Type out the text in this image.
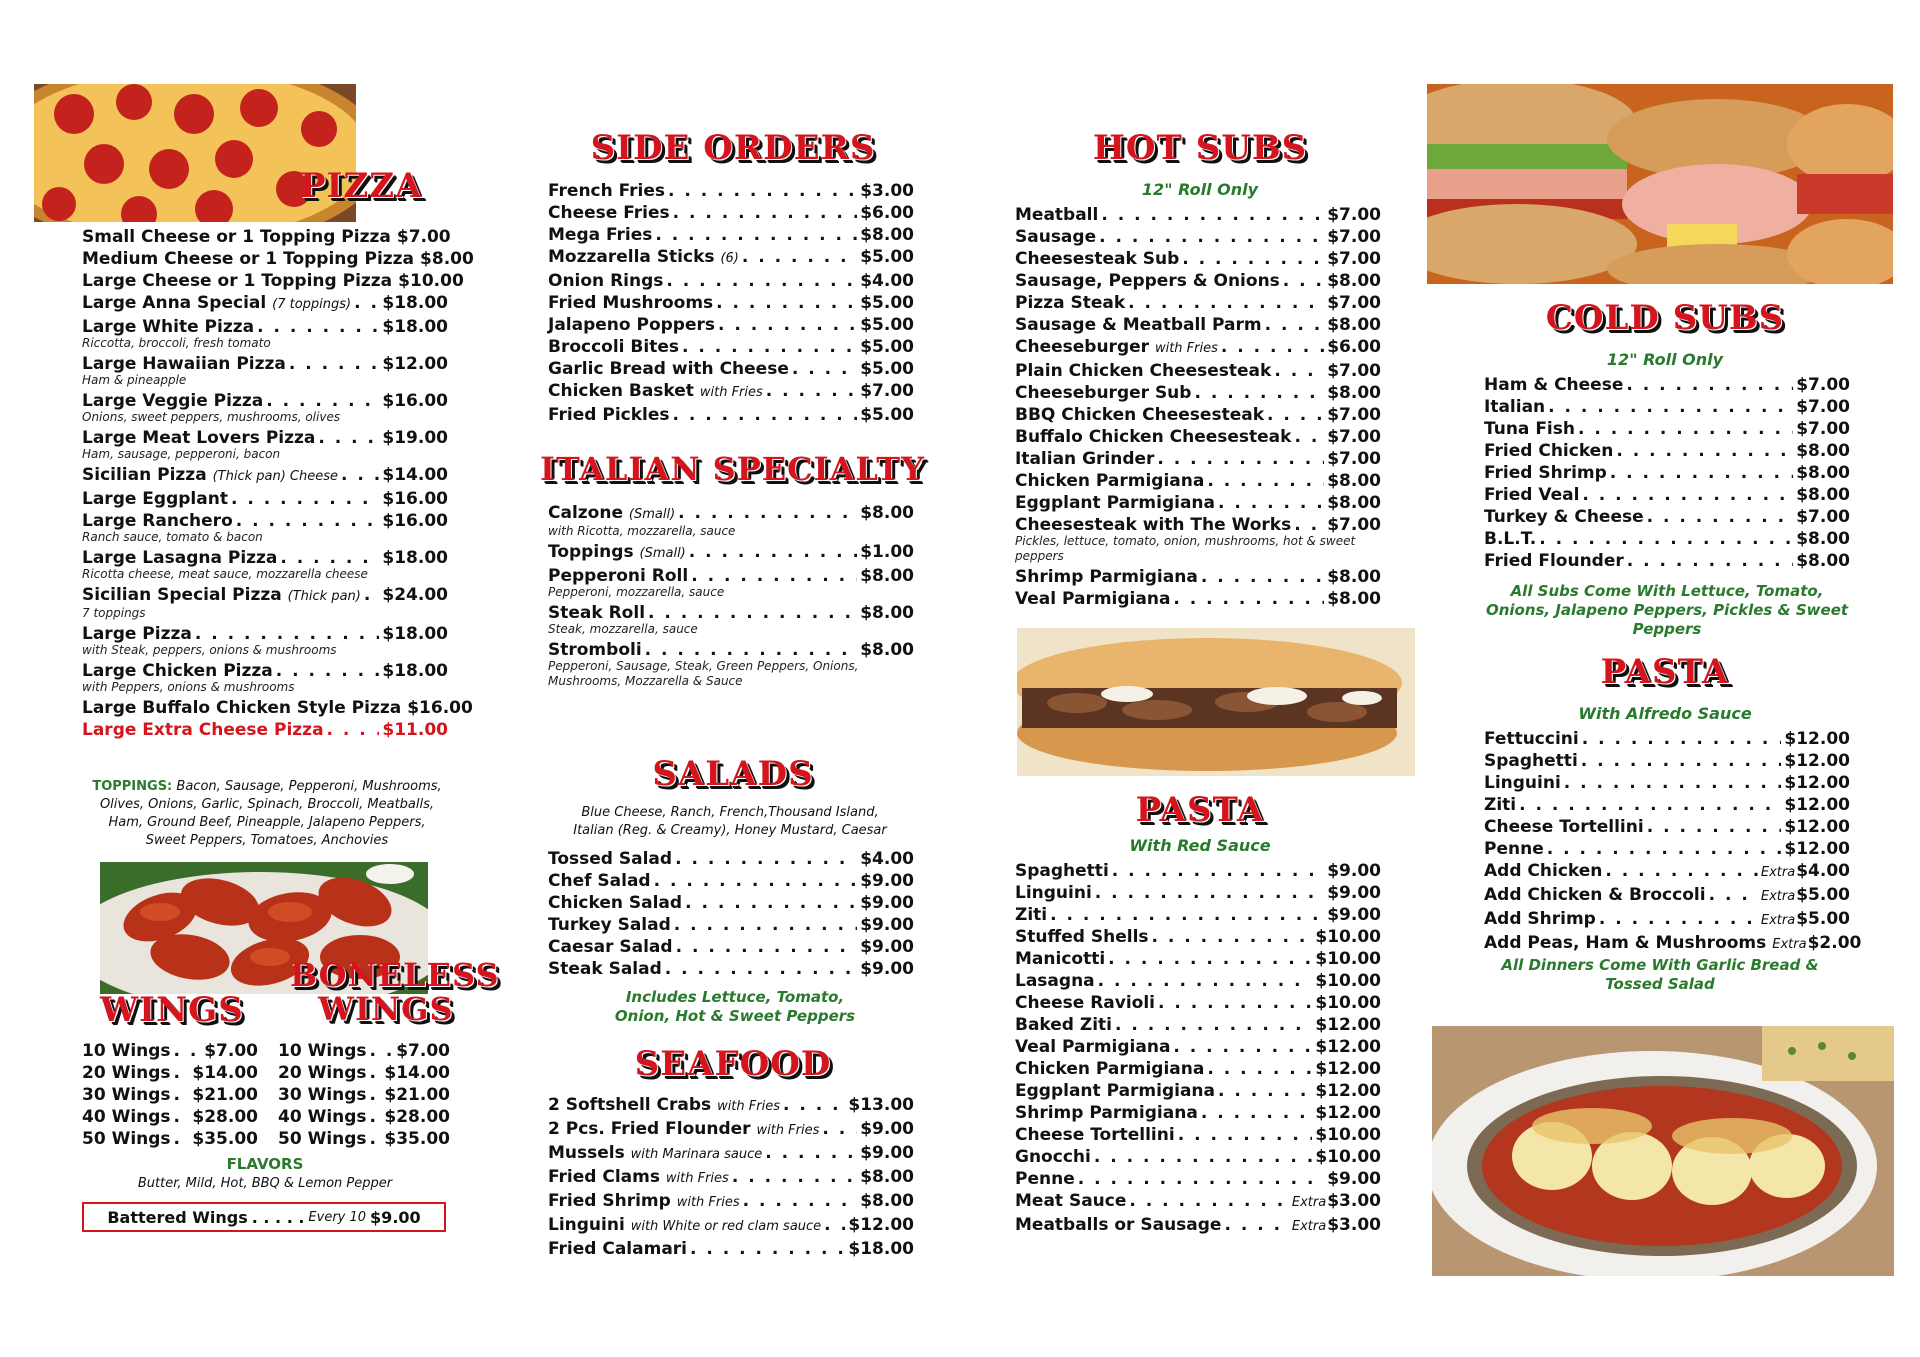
PIZZA
Small Cheese or 1 Topping Pizza $7.00
Medium Cheese or 1 Topping Pizza $8.00
Large Cheese or 1 Topping Pizza $10.00
Large Anna Special (7 toppings) . . . $18.00
Large White Pizza . . .	$18.00
Riccotta, broccoli, fresh tomato
Large Hawaiian Pizza . . .	$12.00
Ham & pineapple
Large Veggie Pizza . . .	$16.00
Onions, sweet peppers, mushrooms, olives
Large Meat Lovers Pizza . . .	$19.00
Ham, sausage, pepperoni, bacon
Sicilian Pizza (Thick pan) Cheese . . .	$14.00
Large Eggplant . . .	$16.00
Large Ranchero . . .	$16.00
Ranch sauce, tomato & bacon
Large Lasagna Pizza . . .	$18.00
Ricotta cheese, meat sauce, mozzarella cheese
Sicilian Special Pizza (Thick pan) . . . $24.00
7 toppings
Large Pizza . . .	$18.00
with Steak, peppers, onions & mushrooms
Large Chicken Pizza . . .	$18.00
with Peppers, onions & mushrooms
Large Buffalo Chicken Style Pizza $16.00
Large Extra Cheese Pizza . . .	$11.00
TOPPINGS: Bacon, Sausage, Pepperoni, Mushrooms, Olives, Onions, Garlic, Spinach, Broccoli, Meatballs, Ham, Ground Beef, Pineapple, Jalapeno Peppers, Sweet Peppers, Tomatoes, Anchovies
WINGS
BONELESS
WINGS
10 Wings . . . $7.00
20 Wings . . . $14.00
30 Wings . . . $21.00
40 Wings . . . $28.00
50 Wings . . . $35.00
10 Wings . . . $7.00
20 Wings . . . $14.00
30 Wings . . . $21.00
40 Wings . . . $28.00
50 Wings . . . $35.00
FLAVORS
Butter, Mild, Hot, BBQ & Lemon Pepper
Battered Wings . . . . . Every 10 $9.00
SIDE ORDERS
French Fries . . .	$3.00
Cheese Fries . . .	$6.00
Mega Fries . . .	$8.00
Mozzarella Sticks (6) . . .	$5.00
Onion Rings . . .	$4.00
Fried Mushrooms . . .	$5.00
Jalapeno Poppers . . .	$5.00
Broccoli Bites . . .	$5.00
Garlic Bread with Cheese . . .	$5.00
Chicken Basket with Fries . . .	$7.00
Fried Pickles . . .	$5.00
ITALIAN SPECIALTY
Calzone (Small) . . .	$8.00
with Ricotta, mozzarella, sauce
Toppings (Small) . . .	$1.00
Pepperoni Roll . . .	$8.00
Pepperoni, mozzarella, sauce
Steak Roll . . .	$8.00
Steak, mozzarella, sauce
Stromboli . . .	$8.00
Pepperoni, Sausage, Steak, Green Peppers, Onions, Mushrooms, Mozzarella & Sauce
SALADS
Blue Cheese, Ranch, French,Thousand Island, Italian (Reg. & Creamy), Honey Mustard, Caesar
Tossed Salad . . .	$4.00
Chef Salad . . .	$9.00
Chicken Salad . . .	$9.00
Turkey Salad . . .	$9.00
Caesar Salad . . .	$9.00
Steak Salad . . .	$9.00
Includes Lettuce, Tomato, Onion, Hot & Sweet Peppers
SEAFOOD
2 Softshell Crabs with Fries . . .	$13.00
2 Pcs. Fried Flounder with Fries . . . $9.00
Mussels with Marinara sauce . . .	$9.00
Fried Clams with Fries . . .	$8.00
Fried Shrimp with Fries . . .	$8.00
Linguini with White or red clam sauce . . . $12.00
Fried Calamari . . .	$18.00
HOT SUBS
12" Roll Only
Meatball . . .	$7.00
Sausage . . .	$7.00
Cheesesteak Sub . . .	$7.00
Sausage, Peppers & Onions . . .	$8.00
Pizza Steak . . .	$7.00
Sausage & Meatball Parm . . .	$8.00
Cheeseburger with Fries . . .	$6.00
Plain Chicken Cheesesteak . . .	$7.00
Cheeseburger Sub . . .	$8.00
BBQ Chicken Cheesesteak . . .	$7.00
Buffalo Chicken Cheesesteak . . . $7.00
Italian Grinder . . .	$7.00
Chicken Parmigiana . . .	$8.00
Eggplant Parmigiana . . .	$8.00
Cheesesteak with The Works . . . $7.00
Pickles, lettuce, tomato, onion, mushrooms, hot & sweet peppers
Shrimp Parmigiana . . .	$8.00
Veal Parmigiana . . .	$8.00
PASTA
With Red Sauce
Spaghetti . . .	$9.00
Linguini . . .	$9.00
Ziti . . .	$9.00
Stuffed Shells . . .	$10.00
Manicotti . . .	$10.00
Lasagna . . .	$10.00
Cheese Ravioli . . .	$10.00
Baked Ziti . . .	$12.00
Veal Parmigiana . . .	$12.00
Chicken Parmigiana . . .	$12.00
Eggplant Parmigiana . . .	$12.00
Shrimp Parmigiana . . .	$12.00
Cheese Tortellini . . .	$10.00
Gnocchi . . .	$10.00
Penne . . .	$9.00
Meat Sauce . . .	Extra $3.00
Meatballs or Sausage . . .	Extra $3.00
COLD SUBS
12" Roll Only
Ham & Cheese . . .	$7.00
Italian . . .	$7.00
Tuna Fish . . .	$7.00
Fried Chicken . . .	$8.00
Fried Shrimp . . .	$8.00
Fried Veal . . .	$8.00
Turkey & Cheese . . .	$7.00
B.L.T. . . .	$8.00
Fried Flounder . . .	$8.00
All Subs Come With Lettuce, Tomato, Onions, Jalapeno Peppers, Pickles & Sweet Peppers
PASTA
With Alfredo Sauce
Fettuccini . . .	$12.00
Spaghetti . . .	$12.00
Linguini . . .	$12.00
Ziti . . .	$12.00
Cheese Tortellini . . .	$12.00
Penne . . .	$12.00
Add Chicken . . .	Extra $4.00
Add Chicken & Broccoli . . .	Extra $5.00
Add Shrimp . . .	Extra $5.00
Add Peas, Ham & Mushrooms Extra $2.00
All Dinners Come With Garlic Bread & Tossed Salad
